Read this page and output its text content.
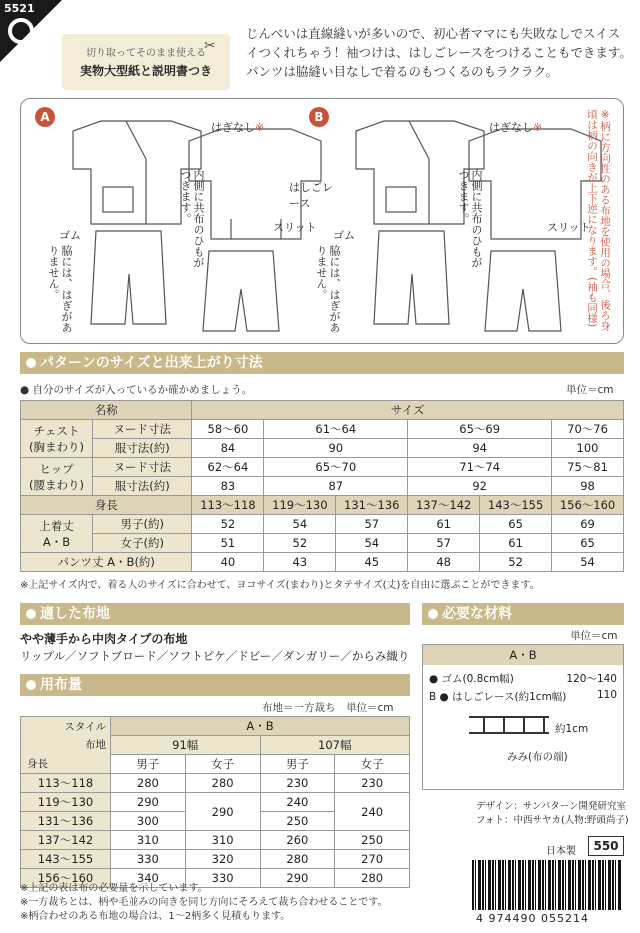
5521
切り取ってそのまま使える
実物大型紙と説明書つき
✂
じんべいは直線縫いが多いので、初心者ママにも失敗なしでスイス
イつくれちゃう！袖つけは、はしごレースをつけることもできます。
パンツは脇縫い目なしで着るのもつくるのもラクラク。
A	B
はぎなし※	はぎなし※
内側に共布のひもがつきます。	内側に共布のひもがつきます。
スリット	スリット
ゴム	ゴム
脇には、はぎがありません。	脇には、はぎがありません。
はしごレース	※柄に方向性のある布地を使用の場合、後ろ身頃は柄の向きが上下逆になります。(袖も同様)
パターンのサイズと出来上がり寸法
● 自分のサイズが入っているか確かめましょう。	単位＝cm
名称		サイズ					
チェスト
(胸まわり)	ヌード寸法	58〜60	61〜64		65〜69		70〜76
	服寸法(約)	84	90		94		100
ヒップ
(腰まわり)	ヌード寸法	62〜64	65〜70		71〜74		75〜81
	服寸法(約)	83	87		92		98
身長		113〜118	119〜130	131〜136	137〜142	143〜155	156〜160
上着丈
A・B	男子(約)	52	54	57	61	65	69
	女子(約)	51	52	54	57	61	65
パンツ丈 A・B(約)		40	43	45	48	52	54
※上記サイズ内で、着る人のサイズに合わせて、ヨコサイズ(まわり)とタテサイズ(丈)を自由に選ぶことができます。
適した布地
やや薄手から中肉タイプの布地
リップル／ソフトブロード／ソフトピケ／ドビー／ダンガリー／からみ織り
必要な材料
単位＝cm
A・B
● ゴム(0.8cm幅)	120〜140
B ● はしごレース(約1cm幅)	110
約1cm
みみ(布の端)
用布量
布地＝一方裁ち　単位＝cm
スタイル
布地
身長	A・B			
	91幅		107幅	
	男子	女子	男子	女子
113〜118	280	280	230	230
119〜130	290	290	240	240
131〜136	300		250	
137〜142	310	310	260	250
143〜155	330	320	280	270
156〜160	340	330	290	280
※上記の表は布の必要量を示しています。
※一方裁ちとは、柄や毛並みの向きを同じ方向にそろえて裁ち合わせることです。
※柄合わせのある布地の場合は、1〜2柄多く見積もります。
デザイン：サンパターン開発研究室
フォト：中西サヤカ(人物:野頭尚子)
日本製	550
4 974490 055214
